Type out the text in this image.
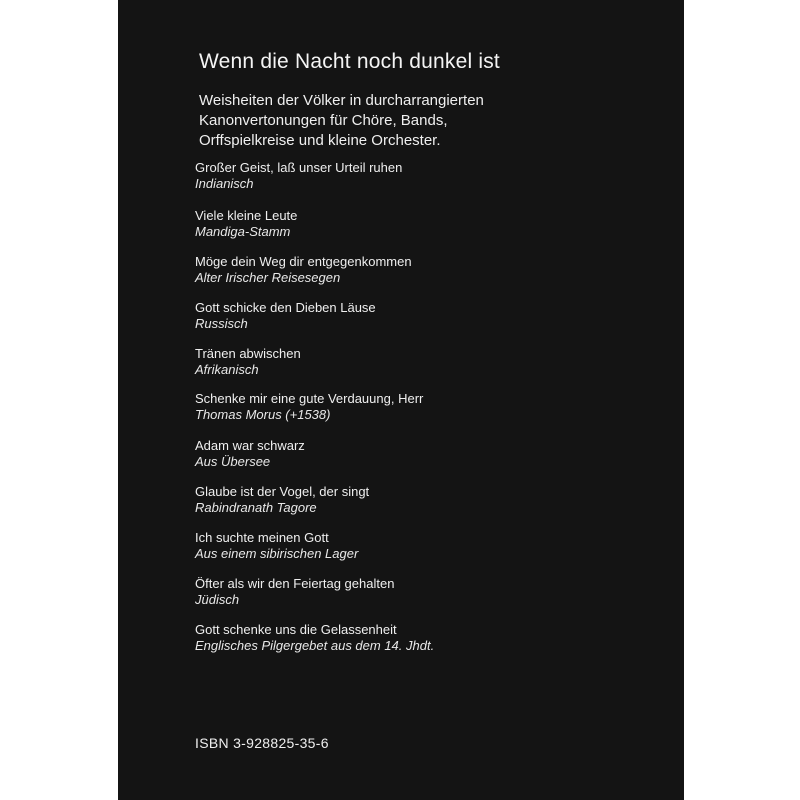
Wenn die Nacht noch dunkel ist
Weisheiten der Völker in durcharrangierten
Kanonvertonungen für Chöre, Bands,
Orffspielkreise und kleine Orchester.
Großer Geist, laß unser Urteil ruhen
Indianisch
Viele kleine Leute
Mandiga-Stamm
Möge dein Weg dir entgegenkommen
Alter Irischer Reisesegen
Gott schicke den Dieben Läuse
Russisch
Tränen abwischen
Afrikanisch
Schenke mir eine gute Verdauung, Herr
Thomas Morus (+1538)
Adam war schwarz
Aus Übersee
Glaube ist der Vogel, der singt
Rabindranath Tagore
Ich suchte meinen Gott
Aus einem sibirischen Lager
Öfter als wir den Feiertag gehalten
Jüdisch
Gott schenke uns die Gelassenheit
Englisches Pilgergebet aus dem 14. Jhdt.
ISBN 3-928825-35-6
